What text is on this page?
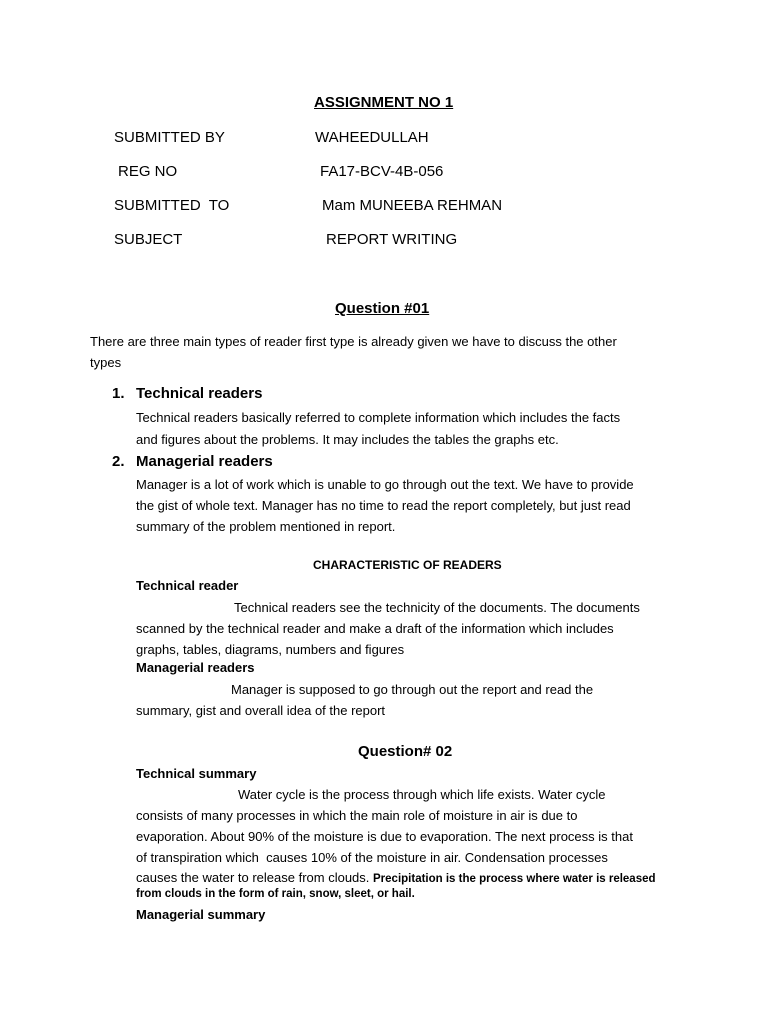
ASSIGNMENT NO 1
SUBMITTED BY	WAHEEDULLAH
REG NO	FA17-BCV-4B-056
SUBMITTED  TO	Mam MUNEEBA REHMAN
SUBJECT	REPORT WRITING
Question #01
There are three main types of reader first type is already given we have to discuss the other
types
1. Technical readers
Technical readers basically referred to complete information which includes the facts
and figures about the problems. It may includes the tables the graphs etc.
2. Managerial readers
Manager is a lot of work which is unable to go through out the text. We have to provide
the gist of whole text. Manager has no time to read the report completely, but just read
summary of the problem mentioned in report.
CHARACTERISTIC OF READERS
Technical reader
Technical readers see the technicity of the documents. The documents
scanned by the technical reader and make a draft of the information which includes
graphs, tables, diagrams, numbers and figures
Managerial readers
Manager is supposed to go through out the report and read the
summary, gist and overall idea of the report
Question# 02
Technical summary
Water cycle is the process through which life exists. Water cycle
consists of many processes in which the main role of moisture in air is due to
evaporation. About 90% of the moisture is due to evaporation. The next process is that
of transpiration which  causes 10% of the moisture in air. Condensation processes
causes the water to release from clouds. Precipitation is the process where water is released
from clouds in the form of rain, snow, sleet, or hail.
Managerial summary
